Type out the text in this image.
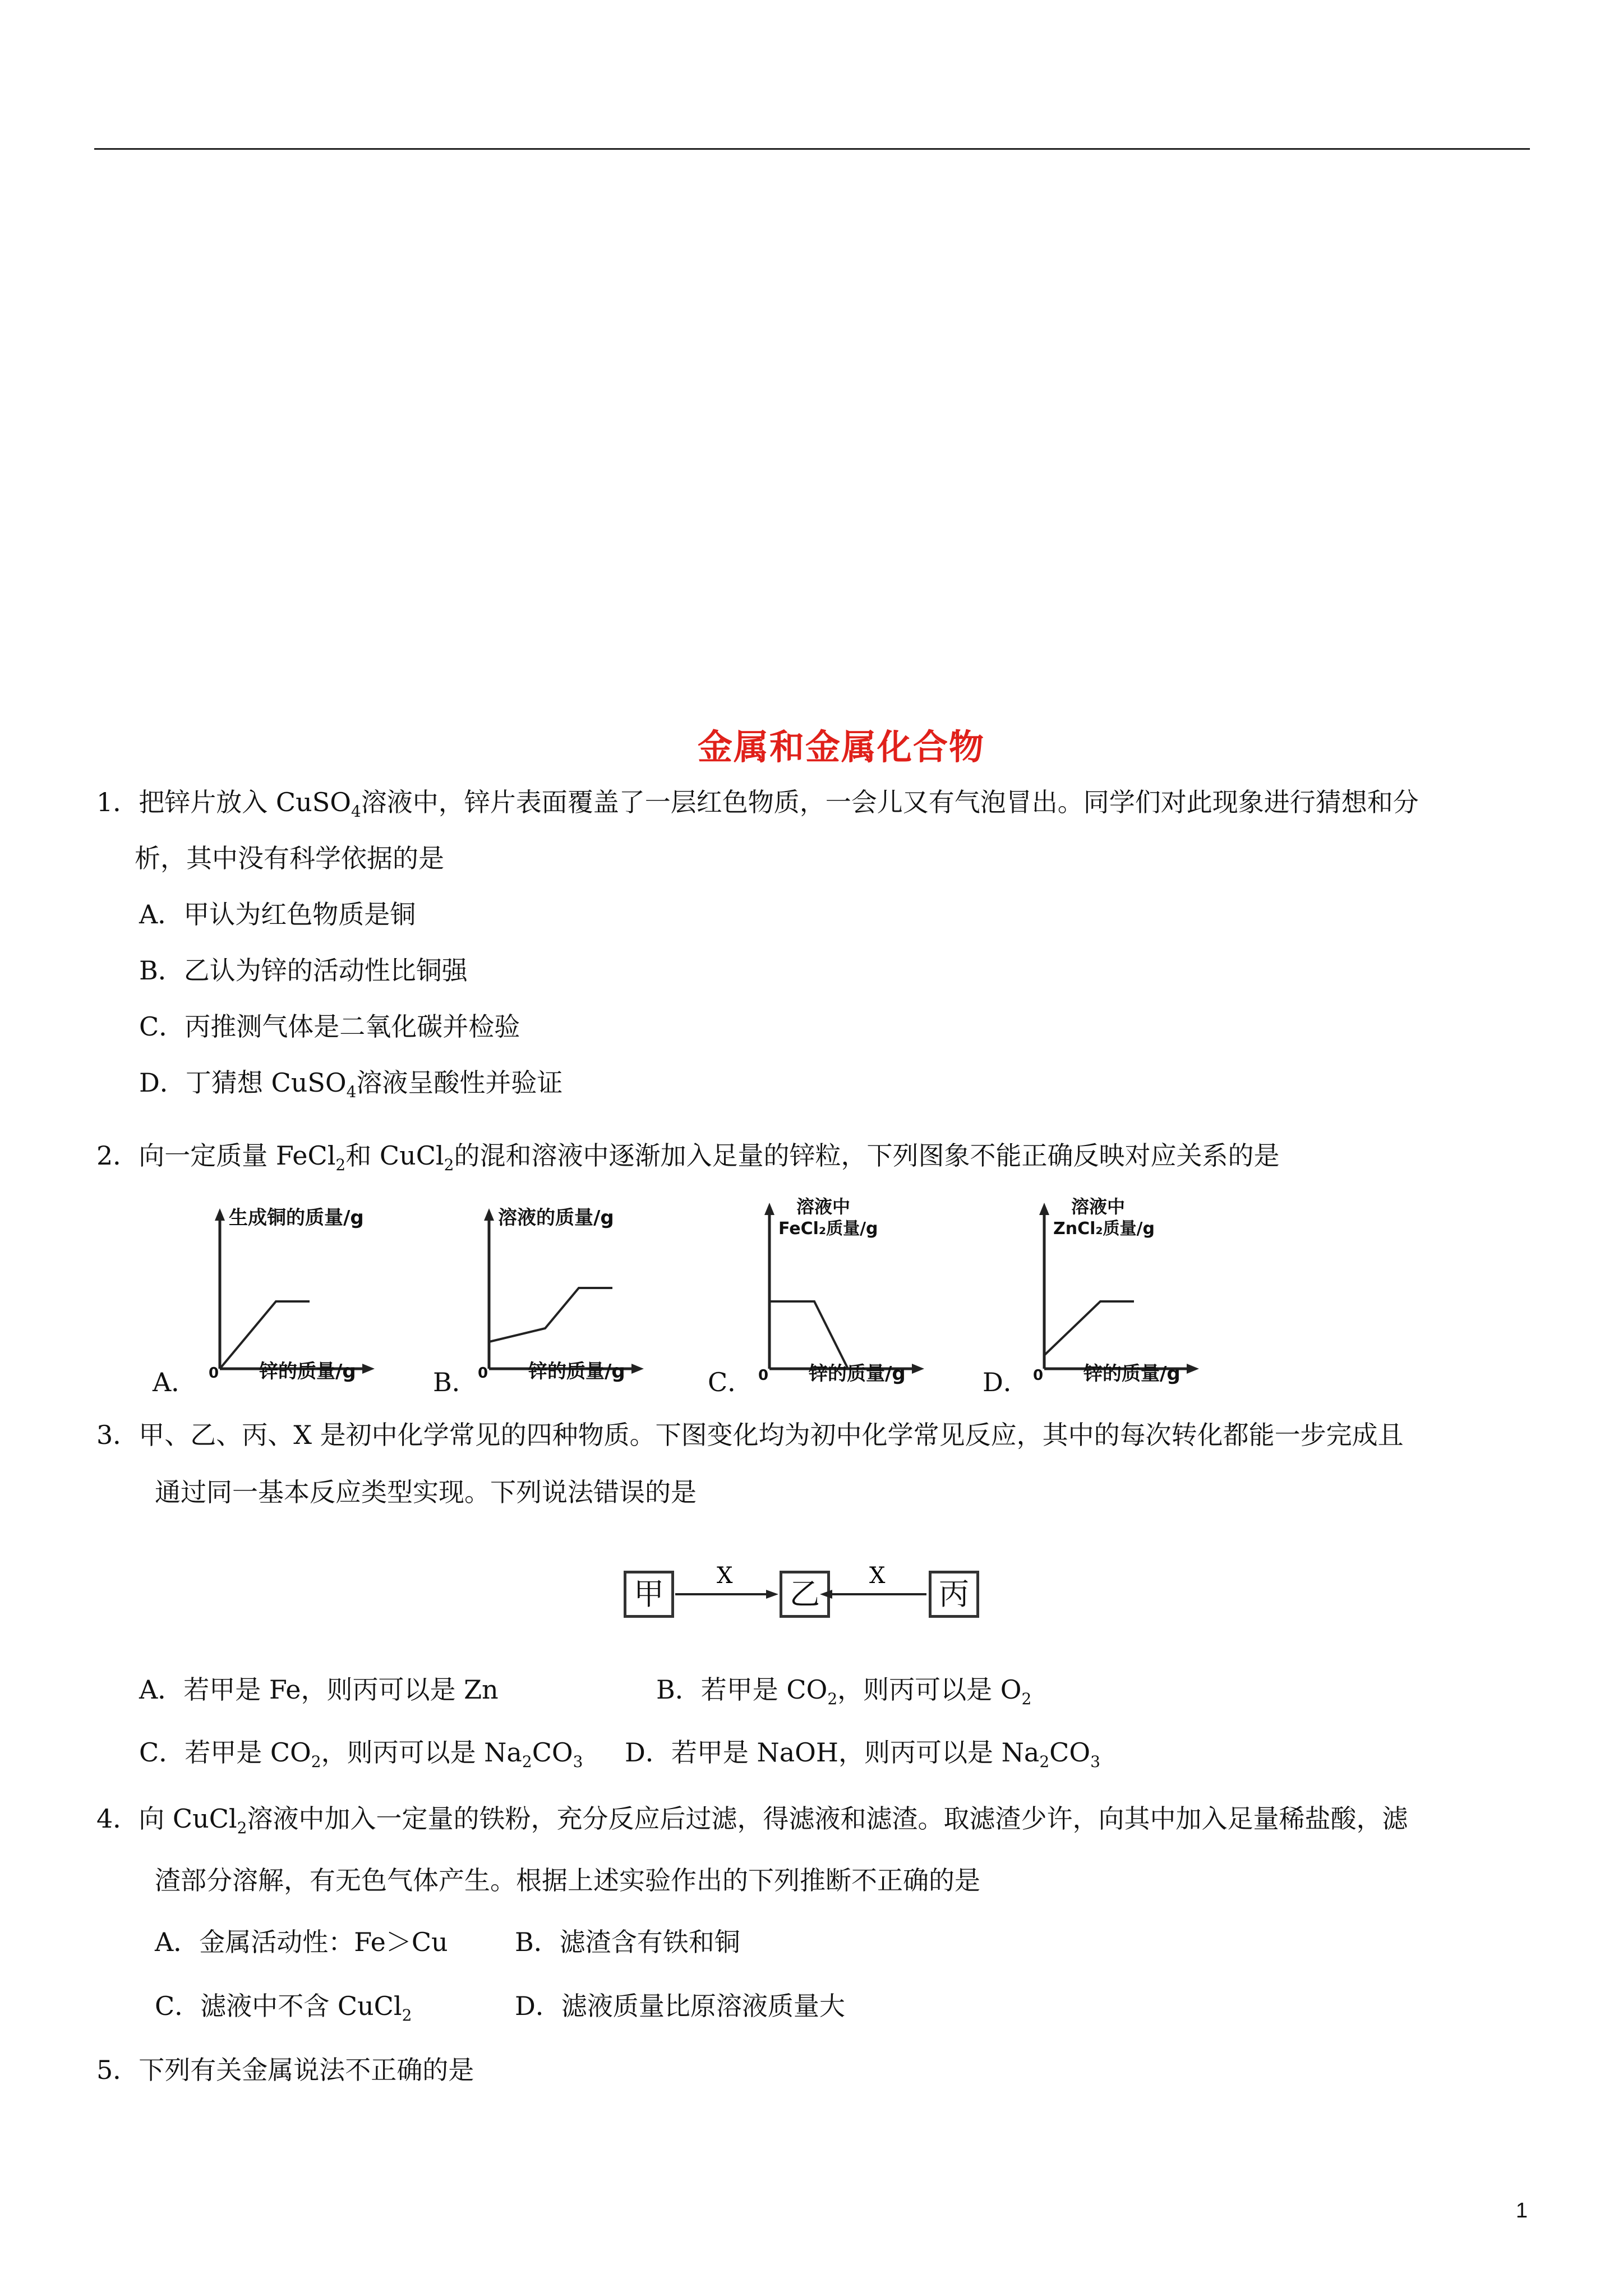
金属和金属化合物
1．把锌片放入 CuSO$_4$溶液中，锌片表面覆盖了一层红色物质，一会儿又有气泡冒出。同学们对此现象进行猜想和分
析，其中没有科学依据的是
A．甲认为红色物质是铜
B．乙认为锌的活动性比铜强
C．丙推测气体是二氧化碳并检验
D．丁猜想 CuSO$_4$溶液呈酸性并验证
2．向一定质量 FeCl$_2$和 CuCl$_2$的混和溶液中逐渐加入足量的锌粒，下列图象不能正确反映对应关系的是
A．
生成铜的质量/g
锌的质量/g
0	B．
溶液的质量/g
锌的质量/g
0	C．
溶液中
FeCl₂质量/g
锌的质量/g
0	D．
溶液中
ZnCl₂质量/g
锌的质量/g
0
3．甲、乙、丙、X 是初中化学常见的四种物质。下图变化均为初中化学常见反应，其中的每次转化都能一步完成且
通过同一基本反应类型实现。下列说法错误的是
甲	乙	丙
X	X
A．若甲是 Fe，则丙可以是 Zn	B．若甲是 $CO_2$，则丙可以是 $O_2$
C．若甲是 $CO_2$，则丙可以是 $Na_2CO_3$ D．若甲是 NaOH，则丙可以是 $Na_2CO_3$
4．向 CuCl$_2$溶液中加入一定量的铁粉，充分反应后过滤，得滤液和滤渣。取滤渣少许，向其中加入足量稀盐酸，滤
渣部分溶解，有无色气体产生。根据上述实验作出的下列推断不正确的是
A．金属活动性：Fe＞Cu	B．滤渣含有铁和铜
C．滤液中不含 CuCl$_2$	D．滤液质量比原溶液质量大
5．下列有关金属说法不正确的是
1
